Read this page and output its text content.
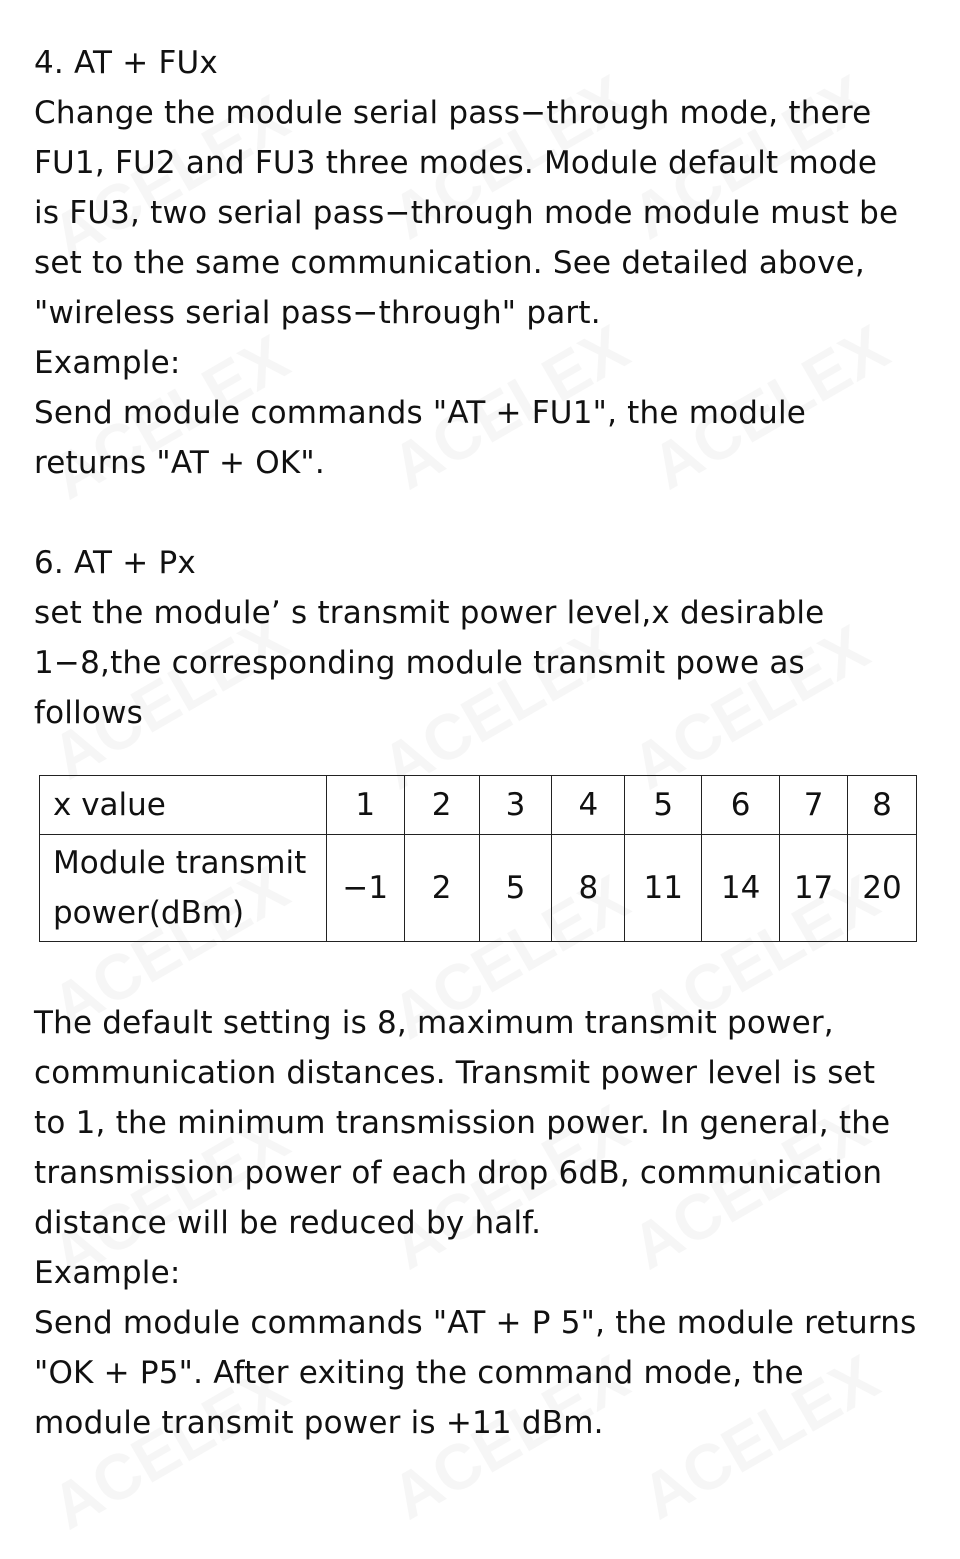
4. AT + FUx
Change the module serial pass−through mode, there
FU1, FU2 and FU3 three modes. Module default mode
is FU3, two serial pass−through mode module must be
set to the same communication. See detailed above,
"wireless serial pass−through" part.
Example:
Send module commands "AT + FU1", the module
returns "AT + OK".
6. AT + Px
set the module’ s transmit power level,x desirable
1−8,the corresponding module transmit powe as
follows
x value	1	2	3	4	5	6	7	8

Module transmit
power(dBm)	−1	2	5	8	11	14	17	20
The default setting is 8, maximum transmit power,
communication distances. Transmit power level is set
to 1, the minimum transmission power. In general, the
transmission power of each drop 6dB, communication
distance will be reduced by half.
Example:
Send module commands "AT + P 5", the module returns
"OK + P5". After exiting the command mode, the
module transmit power is +11 dBm.
